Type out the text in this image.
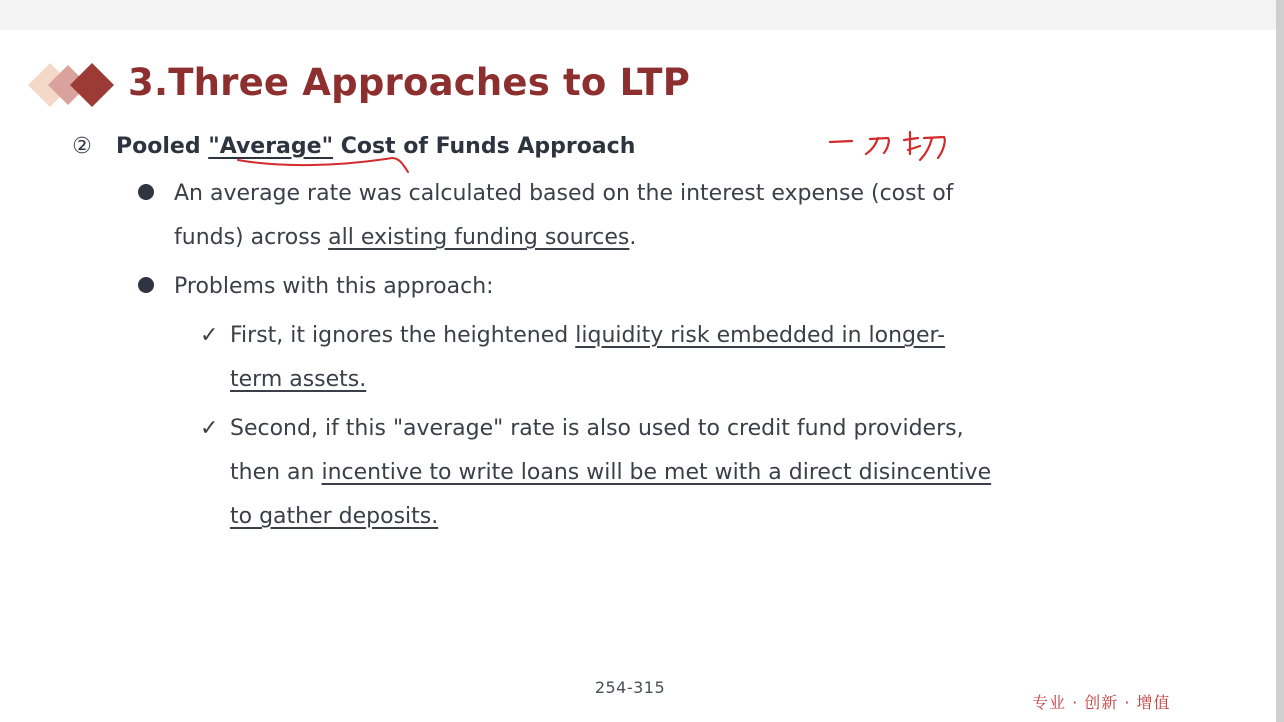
3.Three Approaches to LTP
② Pooled "Average" Cost of Funds Approach
An average rate was calculated based on the interest expense (cost of
funds) across all existing funding sources.
Problems with this approach:
✓ First, it ignores the heightened liquidity risk embedded in longer-
term assets.
✓ Second, if this "average" rate is also used to credit fund providers,
then an incentive to write loans will be met with a direct disincentive
to gather deposits.
254-315
专业 · 创新 · 增值
